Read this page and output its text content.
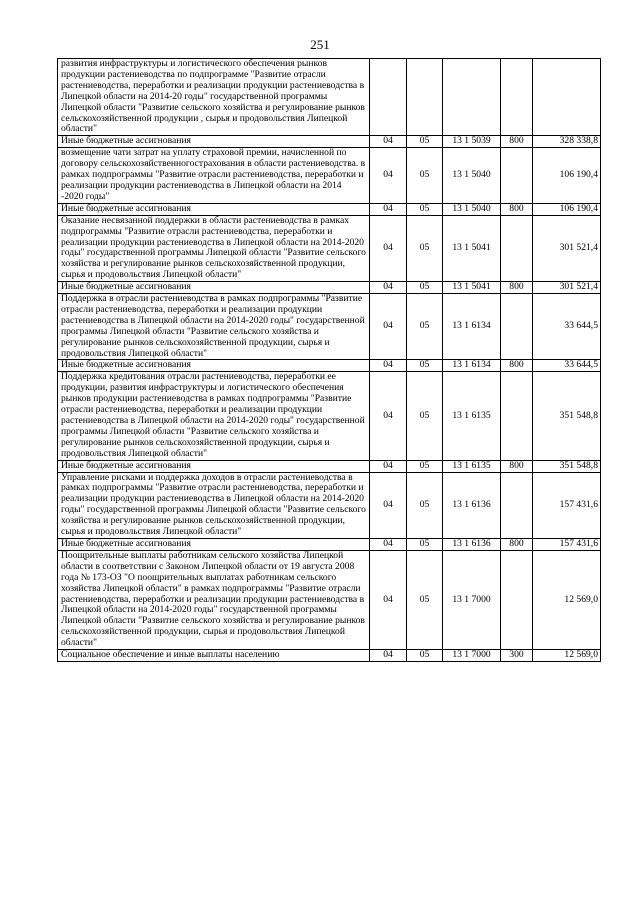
251
развития инфраструктуры и логистического обеспечения рынков продукции растениеводства по подпрограмме "Развитие отрасли растениеводства, переработки и реализации продукции растениеводства в Липецкой области на 2014-20 годы" государственной программы Липецкой области "Развитие сельского хозяйства и регулирование рынков сельскохозяйственной продукции , сырья и продовольствия Липецкой области"					
Иные бюджетные ассигнования	04	05	13 1 5039	800	328 338,8
возмещение чати затрат на уплату страховой премии, начисленной по договору сельскохозяйственногострахования в области растениеводства. в рамках подпрограммы "Развитие отрасли растениеводства, переработки и реализации продукции растениеводства в Липецкой области на 2014 -2020 годы"	04	05	13 1 5040		106 190,4
Иные бюджетные ассигнования	04	05	13 1 5040	800	106 190,4
Оказание несвязанной поддержки в области растениеводства в рамках подпрограммы "Развитие отрасли растениеводства, переработки и реализации продукции растениеводства в Липецкой области на 2014-2020 годы" государственной программы Липецкой области "Развитие сельского хозяйства и регулирование рынков сельскохозяйственной продукции, сырья и продовольствия Липецкой области"	04	05	13 1 5041		301 521,4
Иные бюджетные ассигнования	04	05	13 1 5041	800	301 521,4
Поддержка в отрасли растениеводства в рамках подпрограммы "Развитие отрасли растениеводства, переработки и реализации продукции растениеводства в Липецкой области на 2014-2020 годы" государственной программы Липецкой области "Развитие сельского хозяйства и регулирование рынков сельскохозяйственной продукции, сырья и продовольствия Липецкой области"	04	05	13 1 6134		33 644,5
Иные бюджетные ассигнования	04	05	13 1 6134	800	33 644,5
Поддержка кредитования отрасли растениеводства, переработки ее продукции, развития инфраструктуры и логистического обеспечения рынков продукции растениеводства в рамках подпрограммы "Развитие отрасли растениеводства, переработки и реализации продукции растениеводства в Липецкой области на 2014-2020 годы" государственной программы Липецкой области "Развитие сельского хозяйства и регулирование рынков сельскохозяйственной продукции, сырья и продовольствия Липецкой области"	04	05	13 1 6135		351 548,8
Иные бюджетные ассигнования	04	05	13 1 6135	800	351 548,8
Управление рисками и поддержка доходов в отрасли растениеводства в рамках подпрограммы "Развитие отрасли растениеводства, переработки и реализации продукции растениеводства в Липецкой области на 2014-2020 годы" государственной программы Липецкой области "Развитие сельского хозяйства и регулирование рынков сельскохозяйственной продукции, сырья и продовольствия Липецкой области"	04	05	13 1 6136		157 431,6
Иные бюджетные ассигнования	04	05	13 1 6136	800	157 431,6
Поощрительные выплаты работникам сельского хозяйства Липецкой области в соответствии с Законом Липецкой области от 19 августа 2008 года № 173-ОЗ "О поощрительных выплатах работникам сельского хозяйства Липецкой области" в рамках подпрограммы "Развитие отрасли растениеводства, переработки и реализации продукции растениеводства в Липецкой области на 2014-2020 годы" государственной программы Липецкой области "Развитие сельского хозяйства и регулирование рынков сельскохозяйственной продукции, сырья и продовольствия Липецкой области"	04	05	13 1 7000		12 569,0
Социальное обеспечение и иные выплаты населению	04	05	13 1 7000	300	12 569,0
